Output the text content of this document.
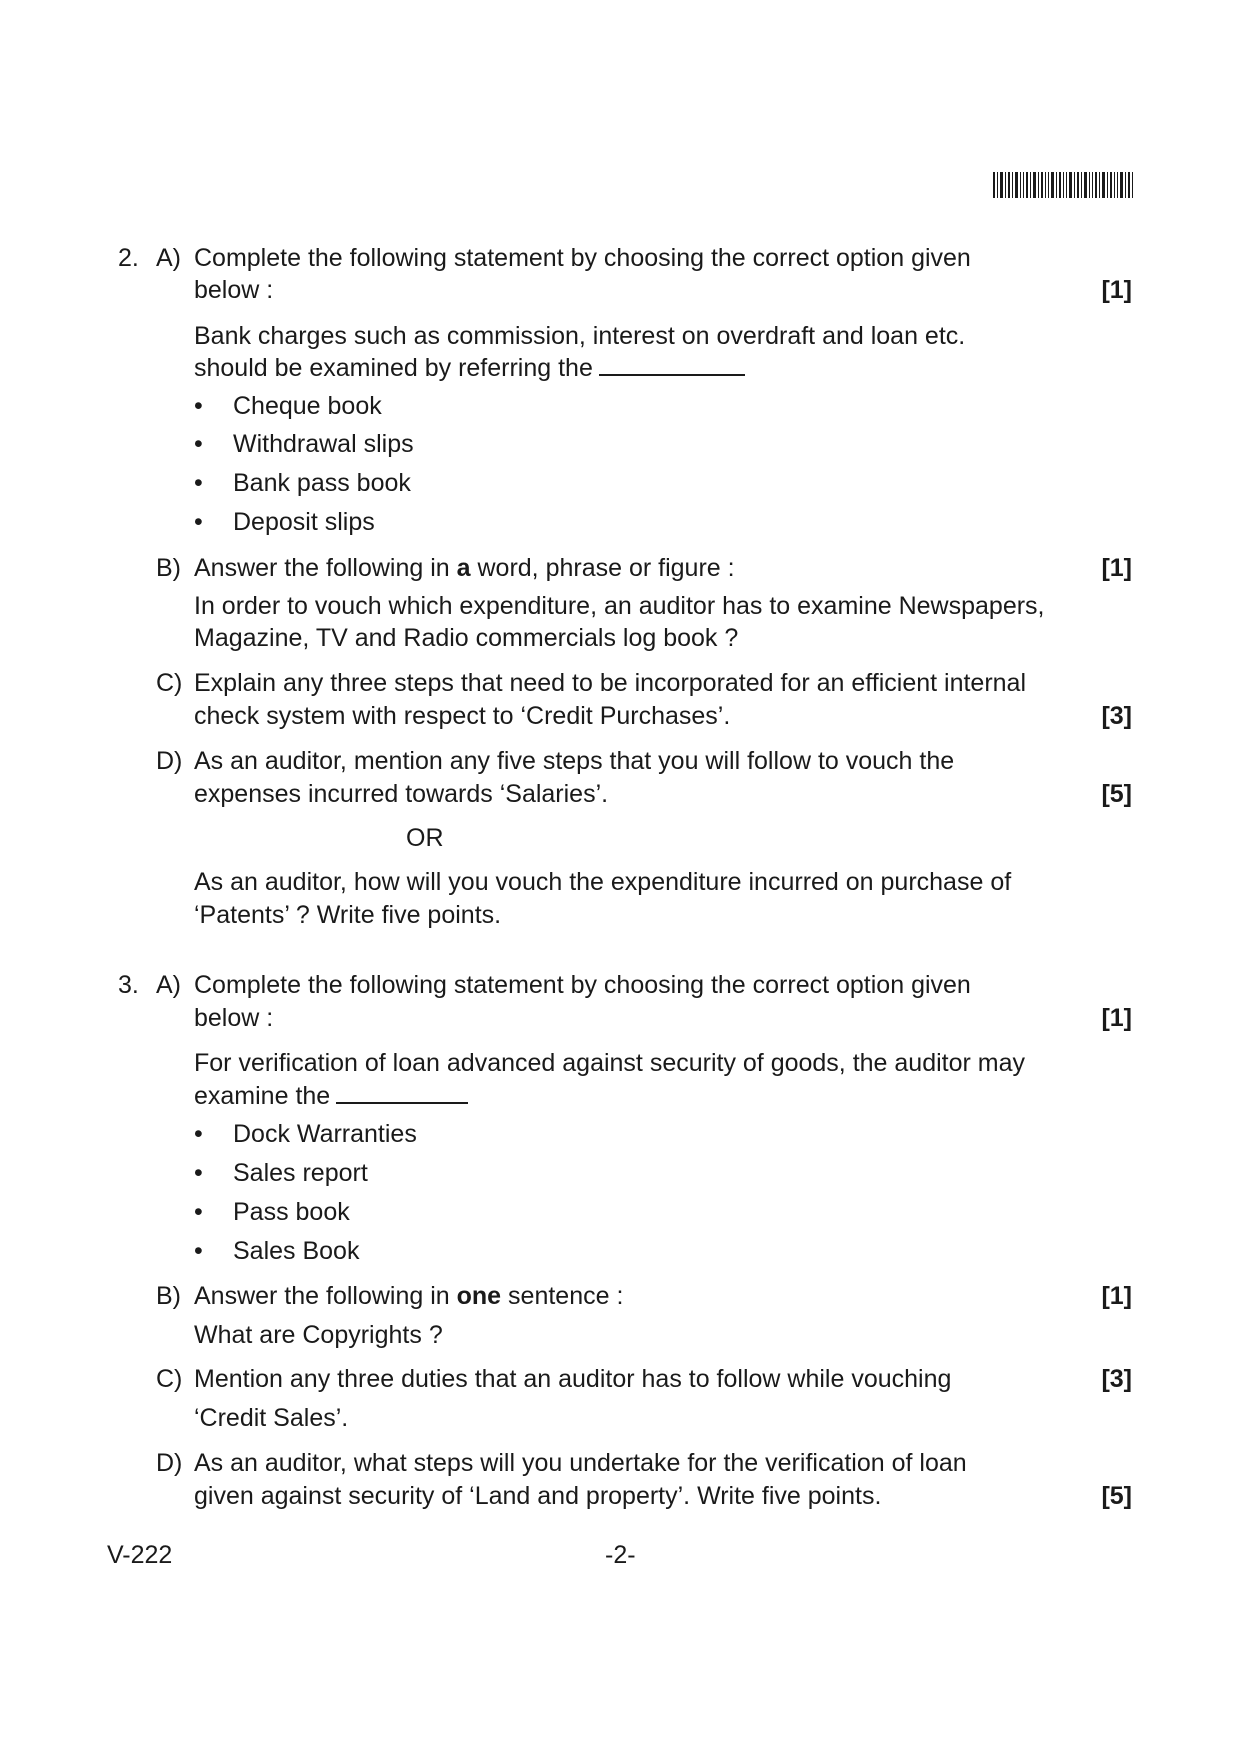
2. A) Complete the following statement by choosing the correct option given
below :	[1]
Bank charges such as commission, interest on overdraft and loan etc.
should be examined by referring the
• Cheque book
• Withdrawal slips
• Bank pass book
• Deposit slips
B) Answer the following in a word, phrase or figure :	[1]
In order to vouch which expenditure, an auditor has to examine Newspapers,
Magazine, TV and Radio commercials log book ?
C) Explain any three steps that need to be incorporated for an efficient internal
check system with respect to ‘Credit Purchases’.	[3]
D) As an auditor, mention any five steps that you will follow to vouch the
expenses incurred towards ‘Salaries’.	[5]
OR
As an auditor, how will you vouch the expenditure incurred on purchase of
‘Patents’ ? Write five points.
3. A) Complete the following statement by choosing the correct option given
below :	[1]
For verification of loan advanced against security of goods, the auditor may
examine the
• Dock Warranties
• Sales report
• Pass book
• Sales Book
B) Answer the following in one sentence :	[1]
What are Copyrights ?
C) Mention any three duties that an auditor has to follow while vouching	[3]
‘Credit Sales’.
D) As an auditor, what steps will you undertake for the verification of loan
given against security of ‘Land and property’. Write five points.	[5]
V-222	-2-
